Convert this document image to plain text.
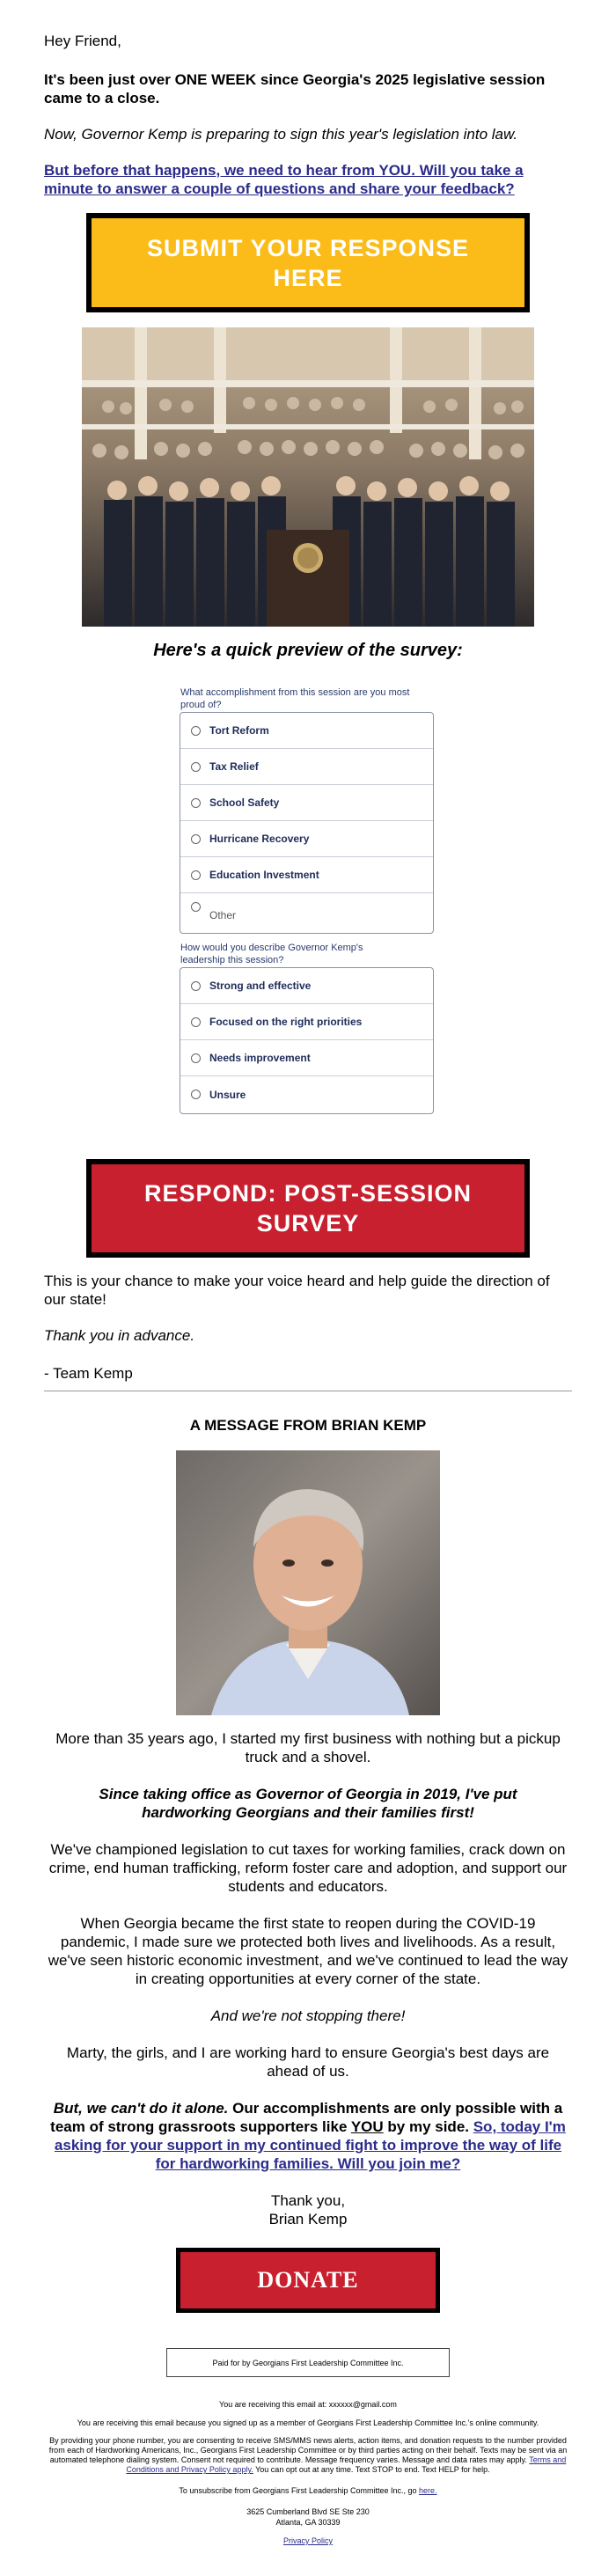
Hey Friend,

It's been just over ONE WEEK since Georgia's 2025 legislative session came to a close.

Now, Governor Kemp is preparing to sign this year's legislation into law.

But before that happens, we need to hear from YOU. Will you take a minute to answer a couple of questions and share your feedback?
SUBMIT YOUR RESPONSE HERE

Here's a quick preview of the survey:

What accomplishment from this session are you most proud of?
Tort Reform
Tax Relief
School Safety
Hurricane Recovery
Education Investment
Other
How would you describe Governor Kemp's leadership this session?
Strong and effective
Focused on the right priorities
Needs improvement
Unsure
RESPOND: POST-SESSION SURVEY

This is your chance to make your voice heard and help guide the direction of our state!

Thank you in advance.

- Team Kemp

A MESSAGE FROM BRIAN KEMP

More than 35 years ago, I started my first business with nothing but a pickup truck and a shovel.

Since taking office as Governor of Georgia in 2019, I've put hardworking Georgians and their families first!

We've championed legislation to cut taxes for working families, crack down on crime, end human trafficking, reform foster care and adoption, and support our students and educators.

When Georgia became the first state to reopen during the COVID-19 pandemic, I made sure we protected both lives and livelihoods. As a result, we've seen historic economic investment, and we've continued to lead the way in creating opportunities at every corner of the state.

And we're not stopping there!

Marty, the girls, and I are working hard to ensure Georgia's best days are ahead of us.

But, we can't do it alone. Our accomplishments are only possible with a team of strong grassroots supporters like YOU by my side. So, today I'm asking for your support in my continued fight to improve the way of life for hardworking families. Will you join me?

Thank you,

Brian Kemp

DONATE
Paid for by Georgians First Leadership Committee Inc.

You are receiving this email at: xxxxxx@gmail.com

You are receiving this email because you signed up as a member of Georgians First Leadership Committee Inc.'s online community.

By providing your phone number, you are consenting to receive SMS/MMS news alerts, action items, and donation requests to the number provided from each of Hardworking Americans, Inc., Georgians First Leadership Committee or by third parties acting on their behalf. Texts may be sent via an automated telephone dialing system. Consent not required to contribute. Message frequency varies. Message and data rates may apply. Terms and Conditions and Privacy Policy apply. You can opt out at any time. Text STOP to end. Text HELP for help.

To unsubscribe from Georgians First Leadership Committee Inc., go here.

3625 Cumberland Blvd SE Ste 230

Atlanta, GA 30339

Privacy Policy
